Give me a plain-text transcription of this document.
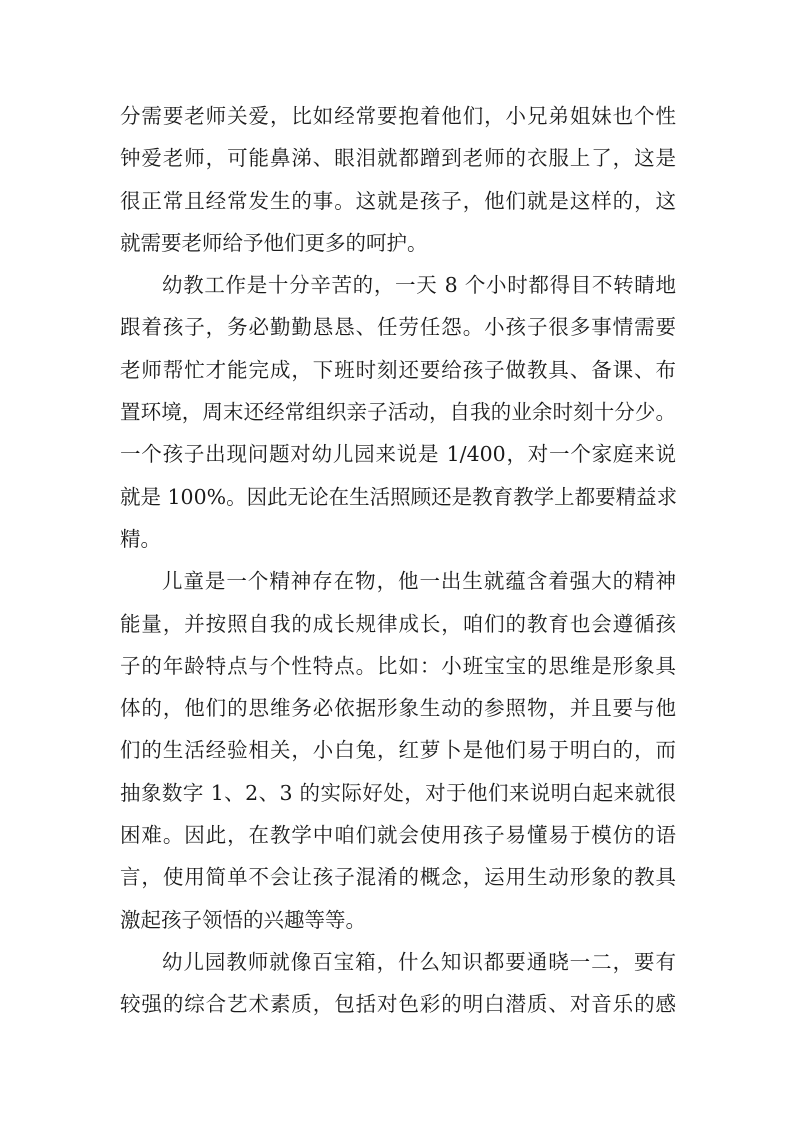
分需要老师关爱，比如经常要抱着他们，小兄弟姐妹也个性
钟爱老师，可能鼻涕、眼泪就都蹭到老师的衣服上了，这是
很正常且经常发生的事。这就是孩子，他们就是这样的，这
就需要老师给予他们更多的呵护。
幼教工作是十分辛苦的，一天 8 个小时都得目不转睛地
跟着孩子，务必勤勤恳恳、任劳任怨。小孩子很多事情需要
老师帮忙才能完成，下班时刻还要给孩子做教具、备课、布
置环境，周末还经常组织亲子活动，自我的业余时刻十分少。
一个孩子出现问题对幼儿园来说是 1/400，对一个家庭来说
就是 100%。因此无论在生活照顾还是教育教学上都要精益求
精。
儿童是一个精神存在物，他一出生就蕴含着强大的精神
能量，并按照自我的成长规律成长，咱们的教育也会遵循孩
子的年龄特点与个性特点。比如：小班宝宝的思维是形象具
体的，他们的思维务必依据形象生动的参照物，并且要与他
们的生活经验相关，小白兔，红萝卜是他们易于明白的，而
抽象数字 1、2、3 的实际好处，对于他们来说明白起来就很
困难。因此，在教学中咱们就会使用孩子易懂易于模仿的语
言，使用简单不会让孩子混淆的概念，运用生动形象的教具
激起孩子领悟的兴趣等等。
幼儿园教师就像百宝箱，什么知识都要通晓一二，要有
较强的综合艺术素质，包括对色彩的明白潜质、对音乐的感
